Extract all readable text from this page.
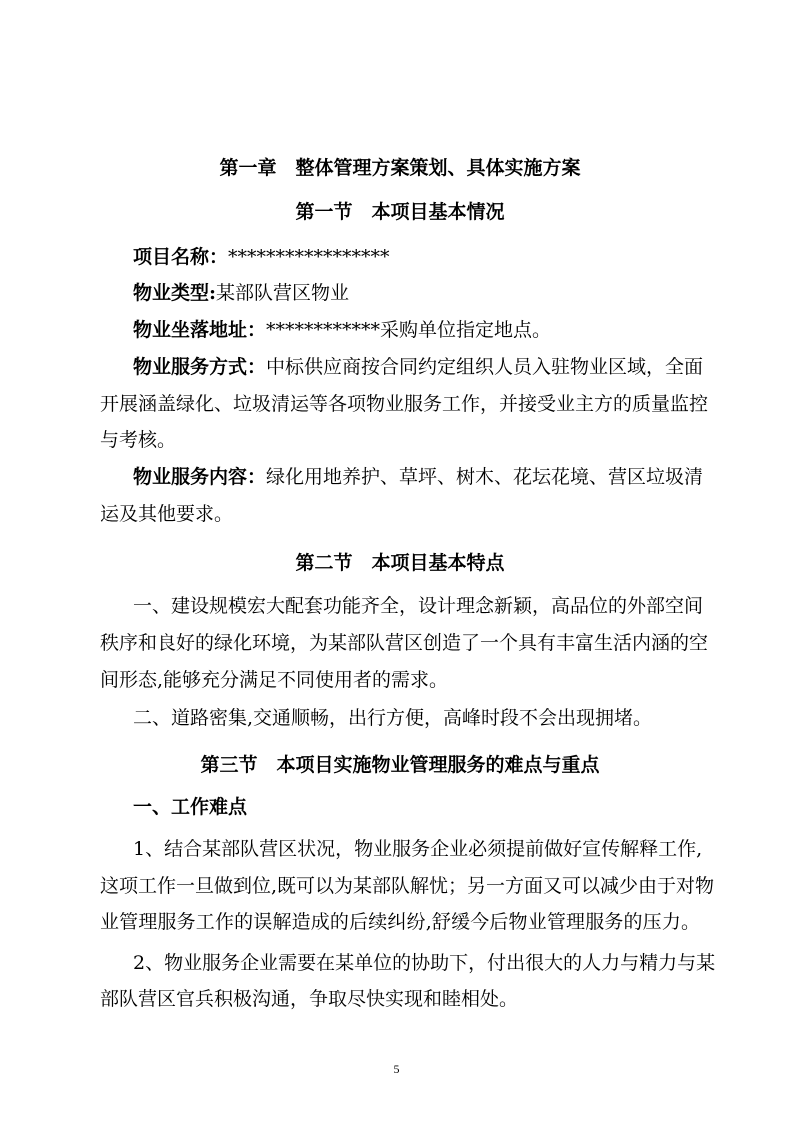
第一章　整体管理方案策划、具体实施方案
第一节　本项目基本情况
项目名称：*****************
物业类型:某部队营区物业
物业坐落地址：************采购单位指定地点。
物业服务方式：中标供应商按合同约定组织人员入驻物业区域，全面
开展涵盖绿化、垃圾清运等各项物业服务工作，并接受业主方的质量监控
与考核。
物业服务内容：绿化用地养护、草坪、树木、花坛花境、营区垃圾清
运及其他要求。
第二节　本项目基本特点
一、建设规模宏大配套功能齐全，设计理念新颖，高品位的外部空间
秩序和良好的绿化环境，为某部队营区创造了一个具有丰富生活内涵的空
间形态,能够充分满足不同使用者的需求。
二、道路密集,交通顺畅，出行方便，高峰时段不会出现拥堵。
第三节　本项目实施物业管理服务的难点与重点
一、工作难点
1、结合某部队营区状况，物业服务企业必须提前做好宣传解释工作,
这项工作一旦做到位,既可以为某部队解忧；另一方面又可以减少由于对物
业管理服务工作的误解造成的后续纠纷,舒缓今后物业管理服务的压力。
2、物业服务企业需要在某单位的协助下，付出很大的人力与精力与某
部队营区官兵积极沟通，争取尽快实现和睦相处。
5
